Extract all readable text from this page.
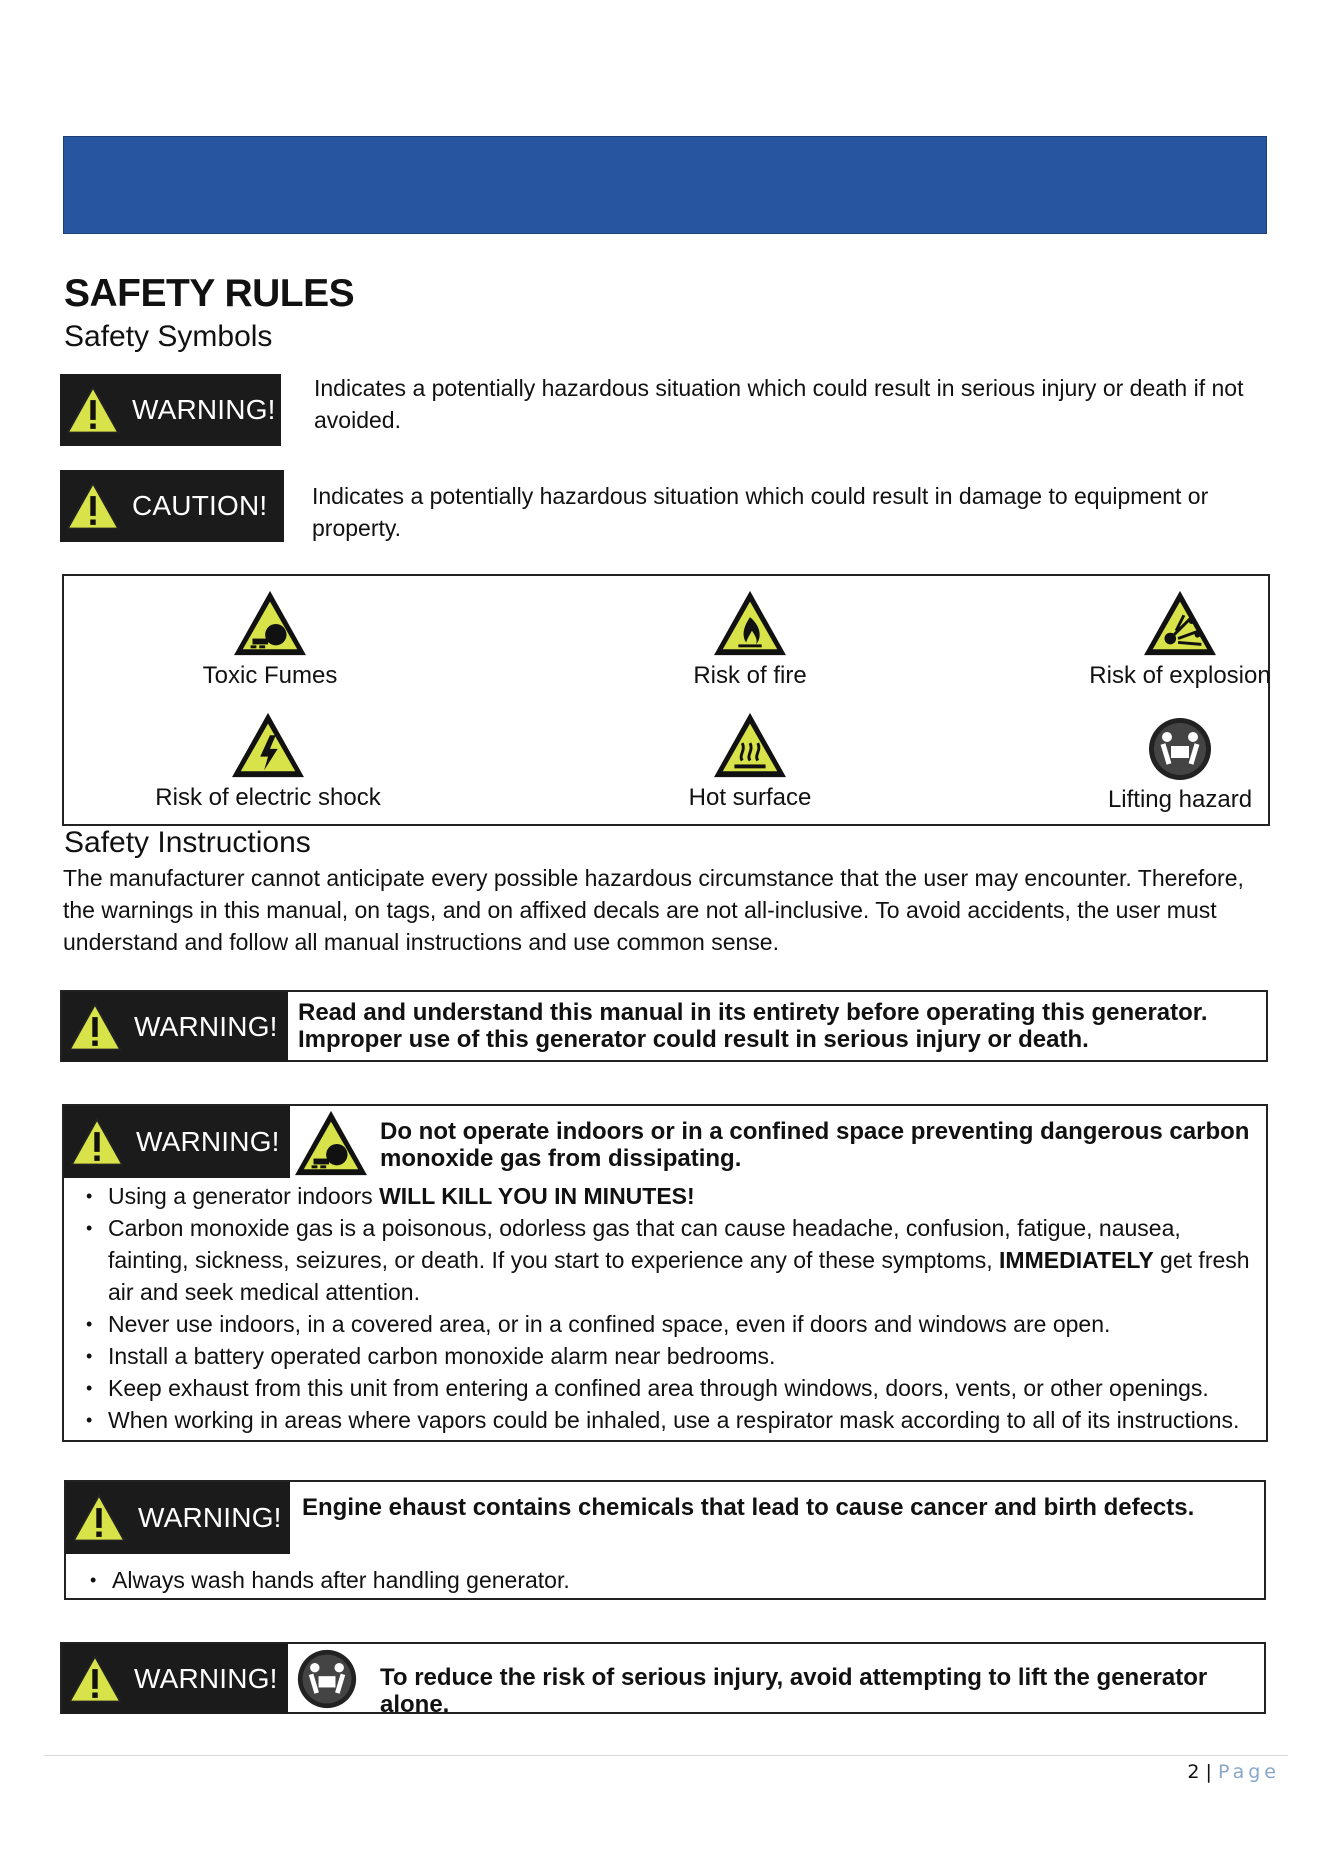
SAFETY RULES
Safety Symbols
WARNING!
Indicates a potentially hazardous situation which could result in serious injury or death if not avoided.
CAUTION! Indicates a potentially hazardous situation which could result in damage to equipment or property.
Toxic Fumes	Risk of fire	Risk of explosion
Risk of electric shock	Hot surface	Lifting hazard
Safety Instructions
The manufacturer cannot anticipate every possible hazardous circumstance that the user may encounter. Therefore, the warnings in this manual, on tags, and on affixed decals are not all-inclusive. To avoid accidents, the user must understand and follow all manual instructions and use common sense.
WARNING! Read and understand this manual in its entirety before operating this generator. Improper use of this generator could result in serious injury or death.
WARNING!	Do not operate indoors or in a confined space preventing dangerous carbon monoxide gas from dissipating.
• Using a generator indoors WILL KILL YOU IN MINUTES!
• Carbon monoxide gas is a poisonous, odorless gas that can cause headache, confusion, fatigue, nausea, fainting, sickness, seizures, or death. If you start to experience any of these symptoms, IMMEDIATELY get fresh air and seek medical attention.
• Never use indoors, in a covered area, or in a confined space, even if doors and windows are open.
• Install a battery operated carbon monoxide alarm near bedrooms.
• Keep exhaust from this unit from entering a confined area through windows, doors, vents, or other openings.
• When working in areas where vapors could be inhaled, use a respirator mask according to all of its instructions.
WARNING! Engine ehaust contains chemicals that lead to cause cancer and birth defects.
• Always wash hands after handling generator.
WARNING!	To reduce the risk of serious injury, avoid attempting to lift the generator alone.
2 | Page
